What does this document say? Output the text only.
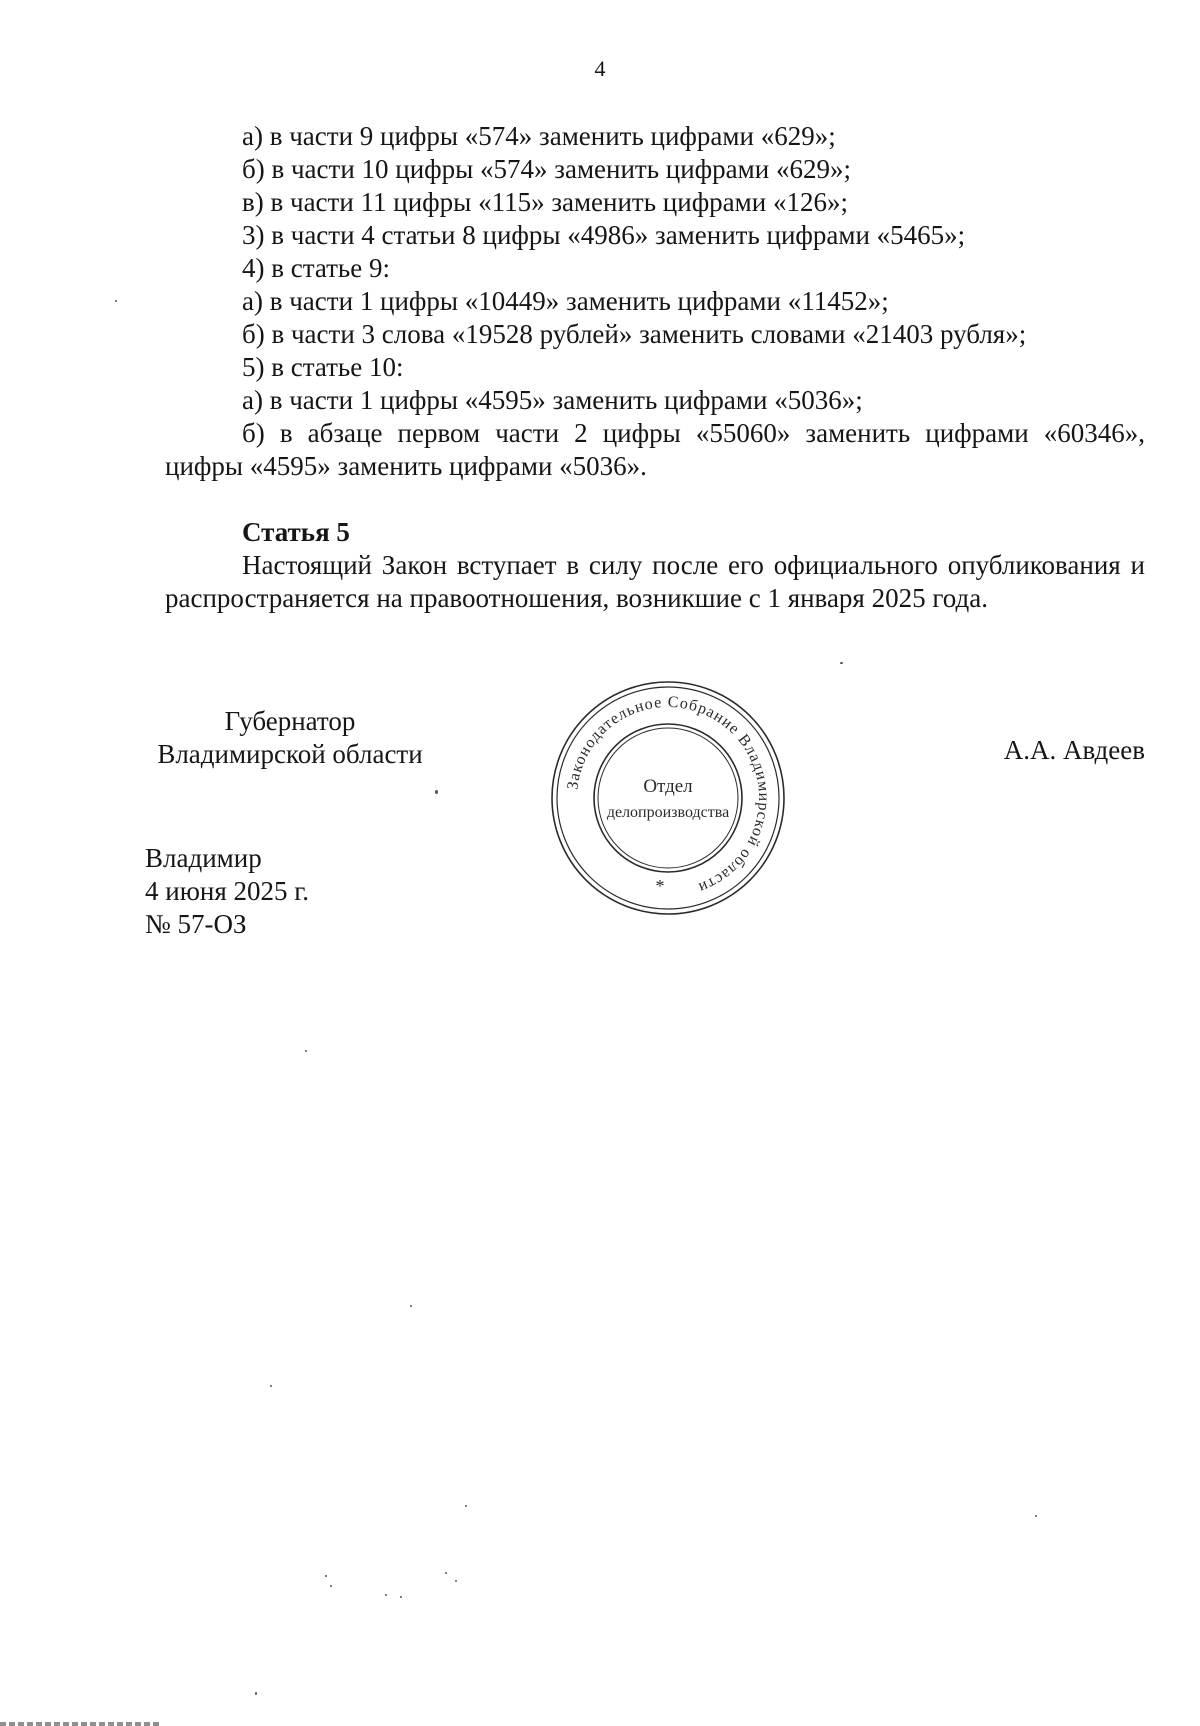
4

а) в части 9 цифры «574» заменить цифрами «629»;

б) в части 10 цифры «574» заменить цифрами «629»;

в) в части 11 цифры «115» заменить цифрами «126»;

3) в части 4 статьи 8 цифры «4986» заменить цифрами «5465»;

4) в статье 9:

а) в части 1 цифры «10449» заменить цифрами «11452»;

б) в части 3 слова «19528 рублей» заменить словами «21403 рубля»;

5) в статье 10:

а) в части 1 цифры «4595» заменить цифрами «5036»;

б) в абзаце первом части 2 цифры «55060» заменить цифрами «60346», цифры «4595» заменить цифрами «5036».

Статья 5

Настоящий Закон вступает в силу после его официального опубликования и распространяется на правоотношения, возникшие с 1 января 2025 года.

Губернатор
Владимирской области
Законодательное Собрание Владимирской области
Отдел
делопроизводства
*
А.А. Авдеев
Владимир
4 июня 2025 г.
№ 57-ОЗ
